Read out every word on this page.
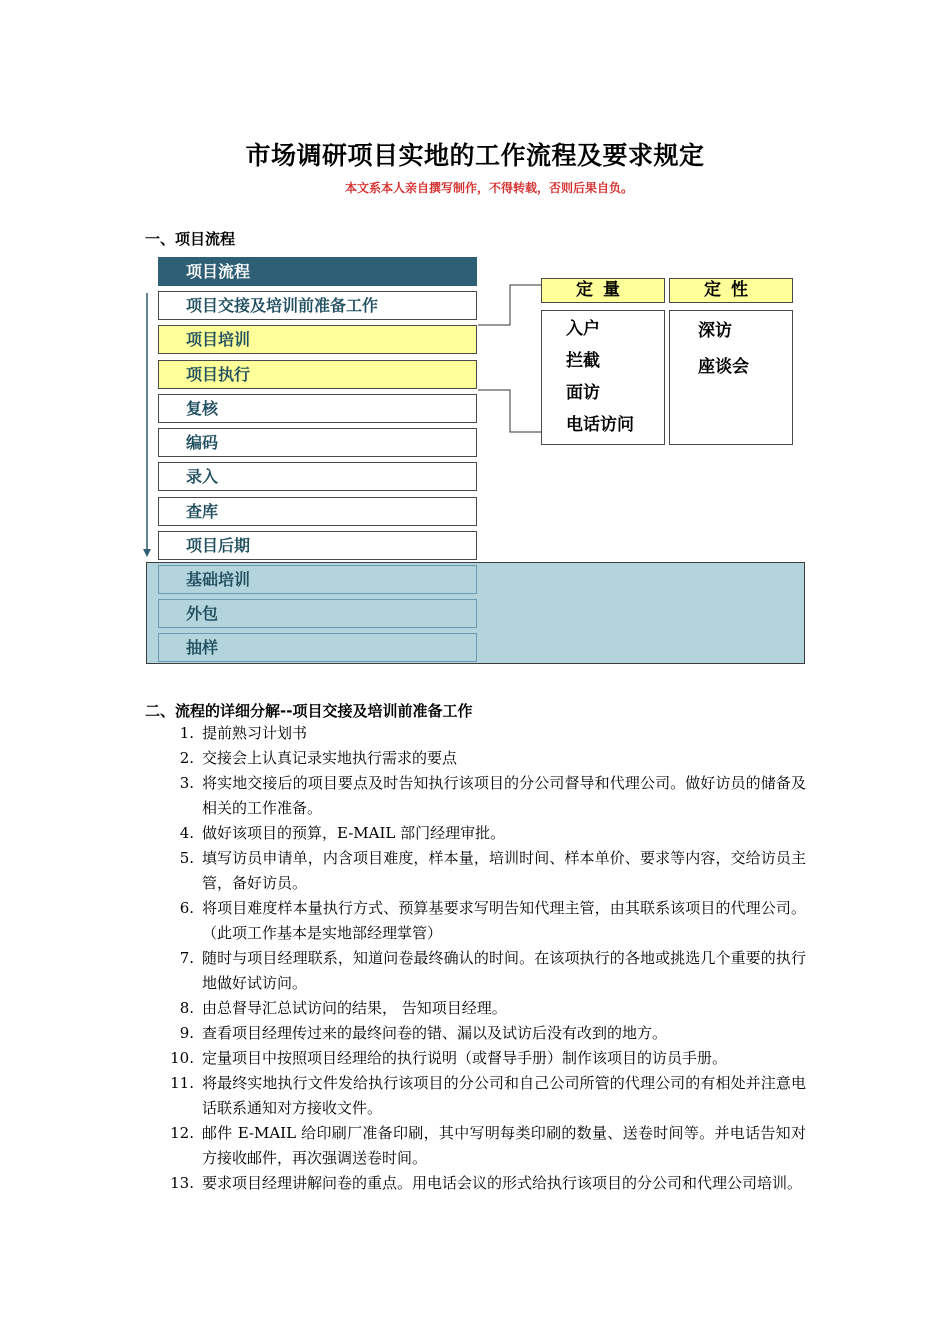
市场调研项目实地的工作流程及要求规定
本文系本人亲自撰写制作，不得转载，否则后果自负。
一、项目流程
项目流程
项目交接及培训前准备工作
项目培训
项目执行
复核
编码
录入
查库
项目后期
基础培训
外包
抽样
定量	定性
入户
拦截
面访
电话访问
深访
座谈会
二、流程的详细分解--项目交接及培训前准备工作
1. 提前熟习计划书
2. 交接会上认真记录实地执行需求的要点
3. 将实地交接后的项目要点及时告知执行该项目的分公司督导和代理公司。做好访员的储备及相关的工作准备。
4. 做好该项目的预算，E-MAIL 部门经理审批。
5. 填写访员申请单，内含项目难度，样本量，培训时间、样本单价、要求等内容，交给访员主管，备好访员。
6. 将项目难度样本量执行方式、预算基要求写明告知代理主管，由其联系该项目的代理公司。（此项工作基本是实地部经理掌管）
7. 随时与项目经理联系，知道问卷最终确认的时间。在该项执行的各地或挑选几个重要的执行地做好试访问。
8. 由总督导汇总试访问的结果， 告知项目经理。
9. 查看项目经理传过来的最终问卷的错、漏以及试访后没有改到的地方。
10. 定量项目中按照项目经理给的执行说明（或督导手册）制作该项目的访员手册。
11. 将最终实地执行文件发给执行该项目的分公司和自己公司所管的代理公司的有相处并注意电话联系通知对方接收文件。
12. 邮件 E-MAIL 给印刷厂准备印刷，其中写明每类印刷的数量、送卷时间等。并电话告知对方接收邮件，再次强调送卷时间。
13. 要求项目经理讲解问卷的重点。用电话会议的形式给执行该项目的分公司和代理公司培训。
